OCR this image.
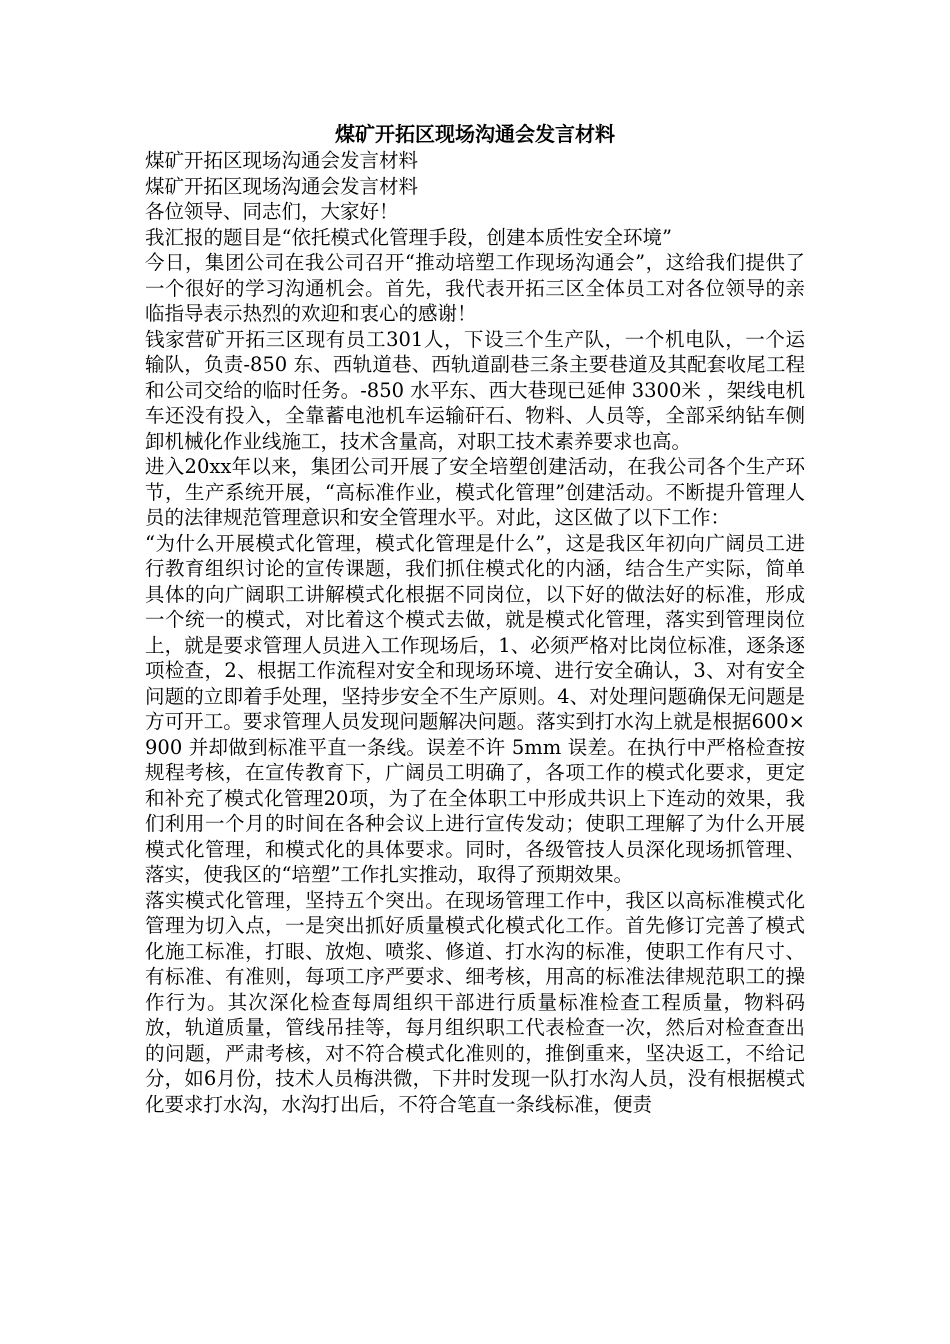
煤矿开拓区现场沟通会发言材料

煤矿开拓区现场沟通会发言材料

煤矿开拓区现场沟通会发言材料

各位领导、同志们，大家好！

我汇报的题目是“依托模式化管理手段，创建本质性安全环境”

今日，集团公司在我公司召开“推动培塑工作现场沟通会”，这给我们提供了一个很好的学习沟通机会。首先，我代表开拓三区全体员工对各位领导的亲临指导表示热烈的欢迎和衷心的感谢！

钱家营矿开拓三区现有员工301人，下设三个生产队，一个机电队，一个运输队，负责-850 东、西轨道巷、西轨道副巷三条主要巷道及其配套收尾工程和公司交给的临时任务。-850 水平东、西大巷现已延伸 3300米 ，架线电机车还没有投入，全靠蓄电池机车运输矸石、物料、人员等，全部采纳钻车侧卸机械化作业线施工，技术含量高，对职工技术素养要求也高。

进入20xx年以来，集团公司开展了安全培塑创建活动，在我公司各个生产环节，生产系统开展，“高标准作业，模式化管理”创建活动。不断提升管理人员的法律规范管理意识和安全管理水平。对此，这区做了以下工作：

“为什么开展模式化管理，模式化管理是什么”，这是我区年初向广阔员工进行教育组织讨论的宣传课题，我们抓住模式化的内涵，结合生产实际，简单具体的向广阔职工讲解模式化根据不同岗位，以下好的做法好的标准，形成一个统一的模式，对比着这个模式去做，就是模式化管理，落实到管理岗位上，就是要求管理人员进入工作现场后，1、必须严格对比岗位标准，逐条逐项检查，2、根据工作流程对安全和现场环境、进行安全确认，3、对有安全问题的立即着手处理，坚持步安全不生产原则。4、对处理问题确保无问题是方可开工。要求管理人员发现问题解决问题。落实到打水沟上就是根据600×900 并却做到标准平直一条线。误差不许 5mm 误差。在执行中严格检查按规程考核，在宣传教育下，广阔员工明确了，各项工作的模式化要求，更定和补充了模式化管理20项，为了在全体职工中形成共识上下连动的效果，我们利用一个月的时间在各种会议上进行宣传发动；使职工理解了为什么开展模式化管理，和模式化的具体要求。同时，各级管技人员深化现场抓管理、落实，使我区的“培塑”工作扎实推动，取得了预期效果。

落实模式化管理，坚持五个突出。在现场管理工作中，我区以高标准模式化管理为切入点，一是突出抓好质量模式化模式化工作。首先修订完善了模式化施工标准，打眼、放炮、喷浆、修道、打水沟的标准，使职工作有尺寸、有标准、有准则，每项工序严要求、细考核，用高的标准法律规范职工的操作行为。其次深化检查每周组织干部进行质量标准检查工程质量，物料码放，轨道质量，管线吊挂等，每月组织职工代表检查一次，然后对检查查出的问题，严肃考核，对不符合模式化准则的，推倒重来，坚决返工，不给记分，如6月份，技术人员梅洪微，下井时发现一队打水沟人员，没有根据模式化要求打水沟，水沟打出后，不符合笔直一条线标准，便责
